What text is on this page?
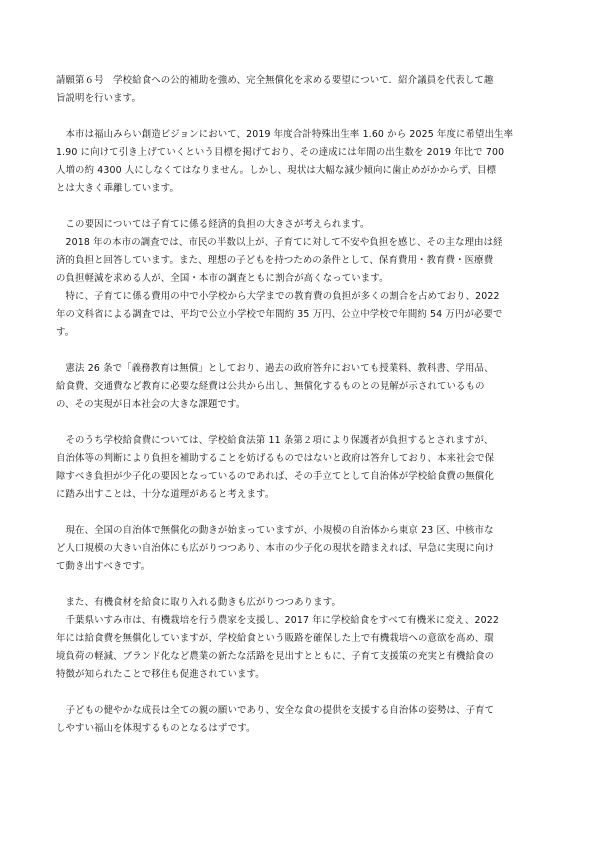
請願第６号　学校給食への公的補助を強め、完全無償化を求める要望について．紹介議員を代表して趣
旨説明を行います。

　本市は福山みらい創造ビジョンにおいて、2019 年度合計特殊出生率 1.60 から 2025 年度に希望出生率
1.90 に向けて引き上げていくという目標を掲げており、その達成には年間の出生数を 2019 年比で 700
人増の約 4300 人にしなくてはなりません。しかし、現状は大幅な減少傾向に歯止めがかからず、目標
とは大きく乖離しています。

　この要因については子育てに係る経済的負担の大きさが考えられます。
　2018 年の本市の調査では、市民の半数以上が、子育てに対して不安や負担を感じ、その主な理由は経
済的負担と回答しています。また、理想の子どもを持つための条件として、保育費用・教育費・医療費
の負担軽減を求める人が、全国・本市の調査ともに割合が高くなっています。
　特に、子育てに係る費用の中で小学校から大学までの教育費の負担が多くの割合を占めており、2022
年の文科省による調査では、平均で公立小学校で年間約 35 万円、公立中学校で年間約 54 万円が必要で
す。

　憲法 26 条で「義務教育は無償」としており、過去の政府答弁においても授業料、教科書、学用品、
給食費、交通費など教育に必要な経費は公共から出し、無償化するものとの見解が示されているもの
の、その実現が日本社会の大きな課題です。

　そのうち学校給食費については、学校給食法第 11 条第２項により保護者が負担するとされますが、
自治体等の判断により負担を補助することを妨げるものではないと政府は答弁しており、本来社会で保
障すべき負担が少子化の要因となっているのであれば、その手立てとして自治体が学校給食費の無償化
に踏み出すことは、十分な道理があると考えます。

　現在、全国の自治体で無償化の動きが始まっていますが、小規模の自治体から東京 23 区、中核市な
ど人口規模の大きい自治体にも広がりつつあり、本市の少子化の現状を踏まえれば、早急に実現に向け
て動き出すべきです。

　また、有機食材を給食に取り入れる動きも広がりつつあります。
　千葉県いすみ市は、有機栽培を行う農家を支援し、2017 年に学校給食をすべて有機米に変え、2022
年には給食費を無償化していますが、学校給食という販路を確保した上で有機栽培への意欲を高め、環
境負荷の軽減、ブランド化など農業の新たな活路を見出すとともに、子育て支援策の充実と有機給食の
特徴が知られたことで移住も促進されています。

　子どもの健やかな成長は全ての親の願いであり、安全な食の提供を支援する自治体の姿勢は、子育て
しやすい福山を体現するものとなるはずです。
